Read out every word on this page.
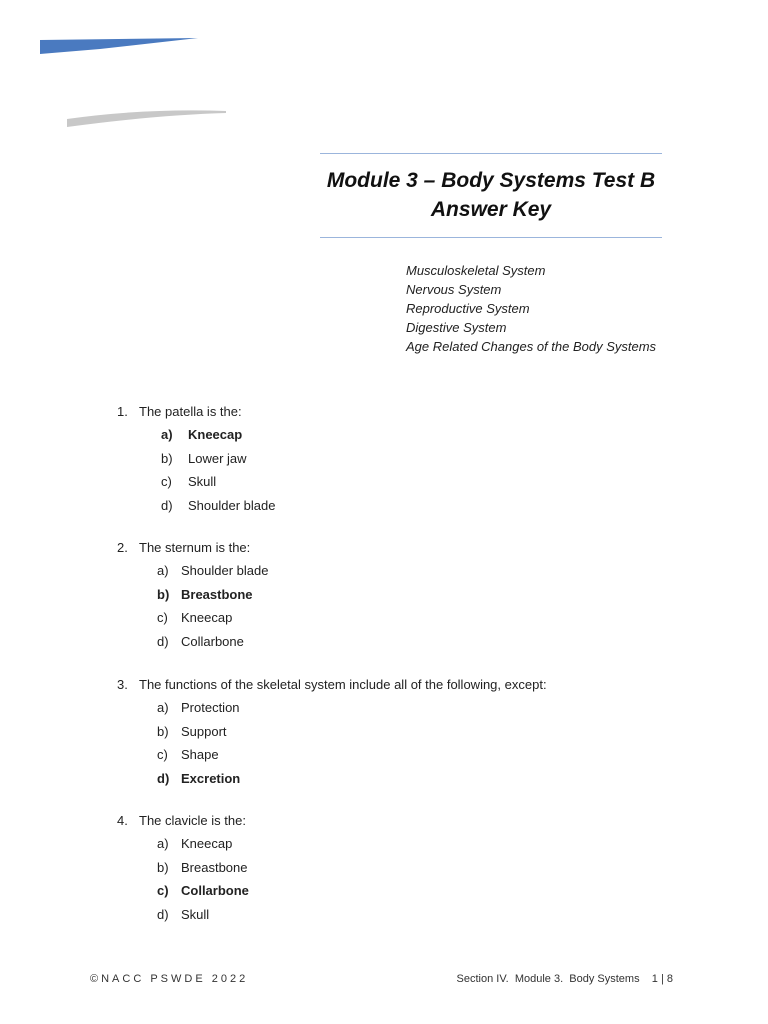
Module 3 – Body Systems Test B
Answer Key
Musculoskeletal System
Nervous System
Reproductive System
Digestive System
Age Related Changes of the Body Systems
1. The patella is the:
a) Kneecap
b) Lower jaw
c) Skull
d) Shoulder blade
2. The sternum is the:
a) Shoulder blade
b) Breastbone
c) Kneecap
d) Collarbone
3. The functions of the skeletal system include all of the following, except:
a) Protection
b) Support
c) Shape
d) Excretion
4. The clavicle is the:
a) Kneecap
b) Breastbone
c) Collarbone
d) Skull
©NACC PSWDE 2022	Section IV.  Module 3.  Body Systems    1 | 8
